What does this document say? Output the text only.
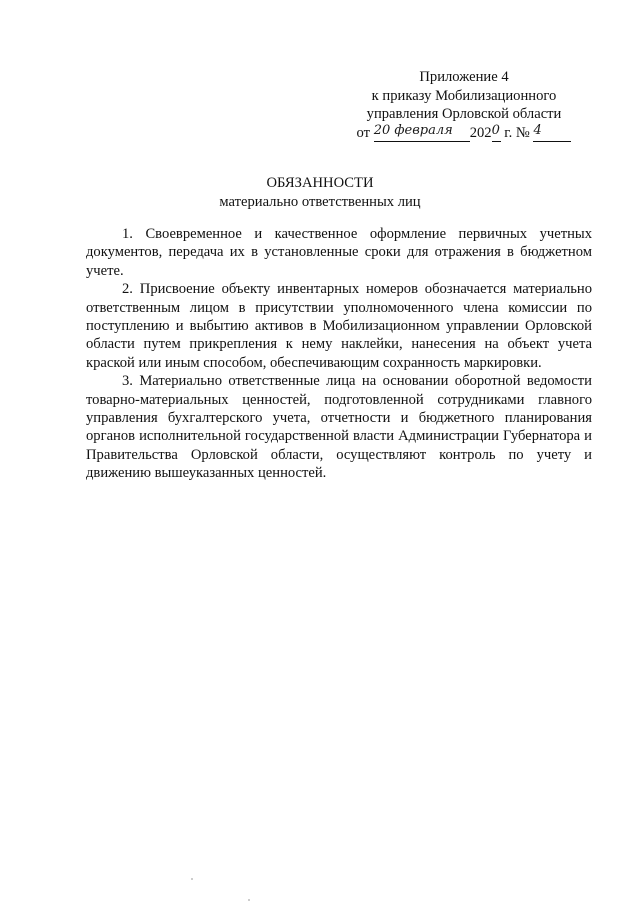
Приложение 4
к приказу Мобилизационного
управления Орловской области
от 20 февраля 2020 г. № 4
ОБЯЗАННОСТИ
материально ответственных лиц

1. Своевременное и качественное оформление первичных учетных документов, передача их в установленные сроки для отражения в бюджетном учете.

2. Присвоение объекту инвентарных номеров обозначается материально ответственным лицом в присутствии уполномоченного члена комиссии по поступлению и выбытию активов в Мобилизационном управлении Орловской области путем прикрепления к нему наклейки, нанесения на объект учета краской или иным способом, обеспечивающим сохранность маркировки.

3. Материально ответственные лица на основании оборотной ведомости товарно-материальных ценностей, подготовленной сотрудниками главного управления бухгалтерского учета, отчетности и бюджетного планирования органов исполнительной государственной власти Администрации Губернатора и Правительства Орловской области, осуществляют контроль по учету и движению вышеуказанных ценностей.
